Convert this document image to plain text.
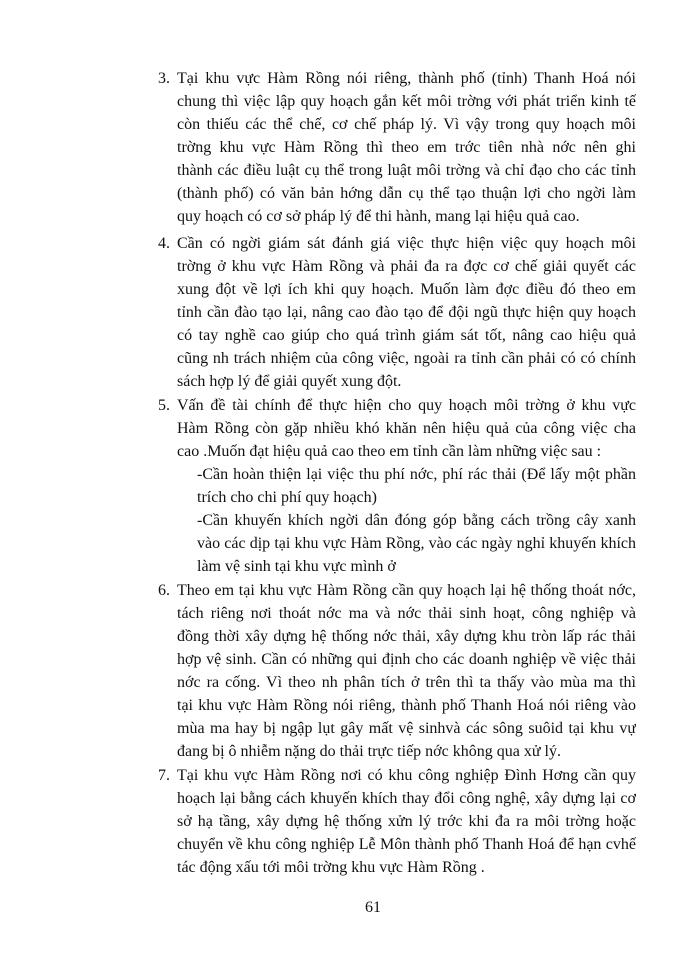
3. Tại khu vực Hàm Rồng nói riêng, thành phố (tỉnh) Thanh Hoá nói
chung thì việc lập quy hoạch gắn kết môi trờng với phát triển kinh tế
còn thiếu các thể chế, cơ chế pháp lý. Vì vậy trong quy hoạch môi
trờng khu vực Hàm Rồng thì theo em trớc tiên nhà nớc nên ghi
thành các điều luật cụ thể trong luật môi trờng và chỉ đạo cho các tỉnh
(thành phố) có văn bản hớng dẫn cụ thể tạo thuận lợi cho ngời làm
quy hoạch có cơ sở pháp lý để thi hành, mang lại hiệu quả cao.
4. Cần có ngời giám sát đánh giá việc thực hiện việc quy hoạch môi
trờng ở khu vực Hàm Rồng và phải đa ra đợc cơ chế giải quyết các
xung đột về lợi ích khi quy hoạch. Muốn làm đợc điều đó theo em
tỉnh cần đào tạo lại, nâng cao đào tạo để đội ngũ thực hiện quy hoạch
có tay nghề cao giúp cho quá trình giám sát tốt, nâng cao hiệu quả
cũng nh trách nhiệm của công việc, ngoài ra tỉnh cần phải có có chính
sách hợp lý để giải quyết xung đột.
5. Vấn đề tài chính để thực hiện cho quy hoạch môi trờng ở khu vực
Hàm Rồng còn gặp nhiều khó khăn nên hiệu quả của công việc cha
cao .Muốn đạt hiệu quả cao theo em tỉnh cần làm những việc sau :
-Cần hoàn thiện lại việc thu phí nớc, phí rác thải (Để lấy một phần
trích cho chi phí quy hoạch)
-Cần khuyến khích ngời dân đóng góp bằng cách trồng cây xanh
vào các dịp tại khu vực Hàm Rồng, vào các ngày nghỉ khuyến khích
làm vệ sinh tại khu vực mình ở
6. Theo em tại khu vực Hàm Rồng cần quy hoạch lại hệ thống thoát nớc,
tách riêng nơi thoát nớc ma và nớc thải sinh hoạt, công nghiệp và
đồng thời xây dựng hệ thống nớc thải, xây dựng khu tròn lấp rác thải
hợp vệ sinh. Cần có những qui định cho các doanh nghiệp về việc thải
nớc ra cống. Vì theo nh phân tích ở trên thì ta thấy vào mùa ma thì
tại khu vực Hàm Rồng nói riêng, thành phố Thanh Hoá nói riêng vào
mùa ma hay bị ngập lụt gây mất vệ sinhvà các sông suôid tại khu vự
đang bị ô nhiễm nặng do thải trực tiếp nớc không qua xử lý.
7. Tại khu vực Hàm Rồng nơi có khu công nghiệp Đình Hơng cần quy
hoạch lại bằng cách khuyến khích thay đổi công nghệ, xây dựng lại cơ
sở hạ tầng, xây dựng hệ thống xửn lý trớc khi đa ra môi trờng hoặc
chuyển về khu công nghiệp Lễ Môn thành phố Thanh Hoá để hạn cvhế
tác động xấu tới môi trờng khu vực Hàm Rồng .
61
